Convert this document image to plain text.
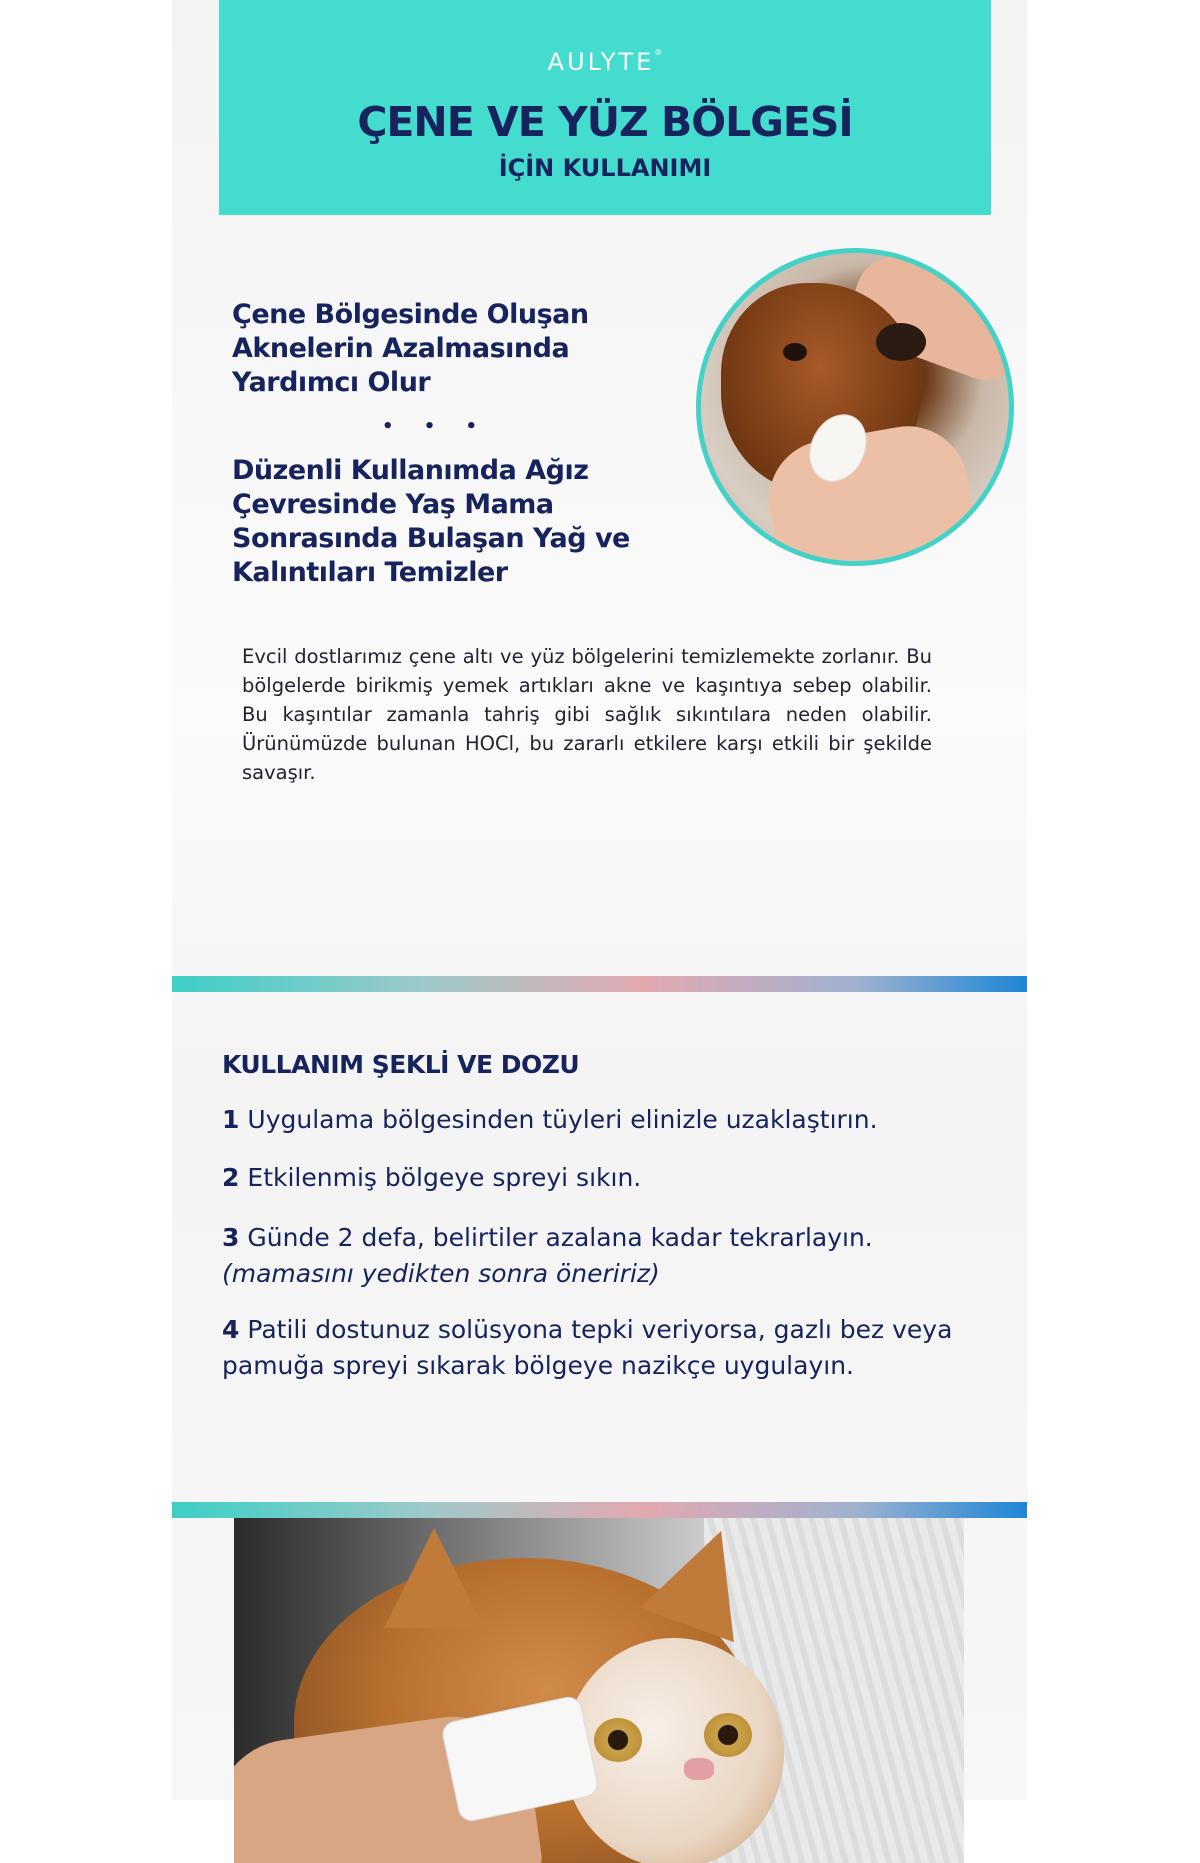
AULYTE®
ÇENE VE YÜZ BÖLGESİ
İÇİN KULLANIMI

Çene Bölgesinde Oluşan Aknelerin Azalmasında Yardımcı Olur

• • •

Düzenli Kullanımda Ağız Çevresinde Yaş Mama Sonrasında Bulaşan Yağ ve Kalıntıları Temizler

Evcil dostlarımız çene altı ve yüz bölgelerini temizlemekte zorlanır. Bu bölgelerde birikmiş yemek artıkları akne ve kaşıntıya sebep olabilir. Bu kaşıntılar zamanla tahriş gibi sağlık sıkıntılara neden olabilir. Ürünümüzde bulunan HOCl, bu zararlı etkilere karşı etkili bir şekilde savaşır.
KULLANIM ŞEKLİ VE DOZU
1 Uygulama bölgesinden tüyleri elinizle uzaklaştırın.
2 Etkilenmiş bölgeye spreyi sıkın.
3 Günde 2 defa, belirtiler azalana kadar tekrarlayın.
(mamasını yedikten sonra öneririz)
4 Patili dostunuz solüsyona tepki veriyorsa, gazlı bez veya pamuğa spreyi sıkarak bölgeye nazikçe uygulayın.
